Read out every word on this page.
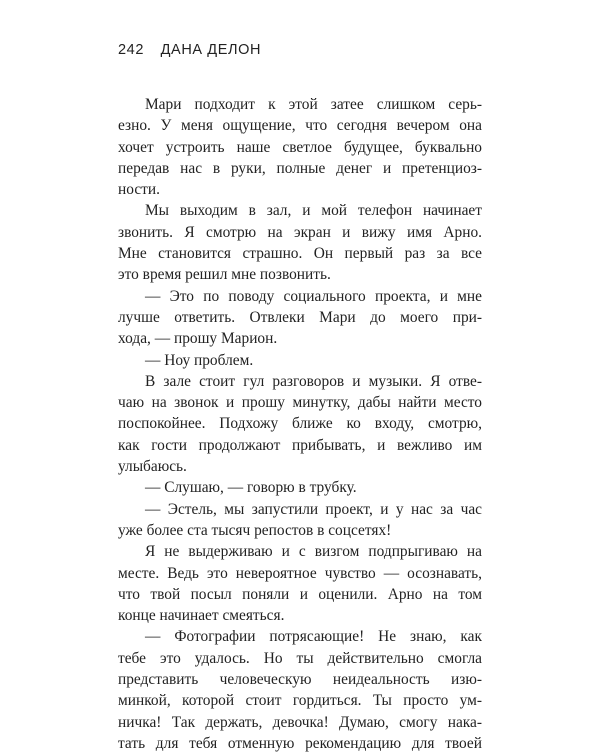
242 ДАНА ДЕЛОН
Мари подходит к этой затее слишком серь-
езно. У меня ощущение, что сегодня вечером она
хочет устроить наше светлое будущее, буквально
передав нас в руки, полные денег и претенциоз-
ности.
Мы выходим в зал, и мой телефон начинает
звонить. Я смотрю на экран и вижу имя Арно.
Мне становится страшно. Он первый раз за все
это время решил мне позвонить.
— Это по поводу социального проекта, и мне
лучше ответить. Отвлеки Мари до моего при-
хода, — прошу Марион.
— Ноу проблем.
В зале стоит гул разговоров и музыки. Я отве-
чаю на звонок и прошу минутку, дабы найти место
поспокойнее. Подхожу ближе ко входу, смотрю,
как гости продолжают прибывать, и вежливо им
улыбаюсь.
— Слушаю, — говорю в трубку.
— Эстель, мы запустили проект, и у нас за час
уже более ста тысяч репостов в соцсетях!
Я не выдерживаю и с визгом подпрыгиваю на
месте. Ведь это невероятное чувство — осознавать,
что твой посыл поняли и оценили. Арно на том
конце начинает смеяться.
— Фотографии потрясающие! Не знаю, как
тебе это удалось. Но ты действительно смогла
представить человеческую неидеальность изю-
минкой, которой стоит гордиться. Ты просто ум-
ничка! Так держать, девочка! Думаю, смогу нака-
тать для тебя отменную рекомендацию для твоей
